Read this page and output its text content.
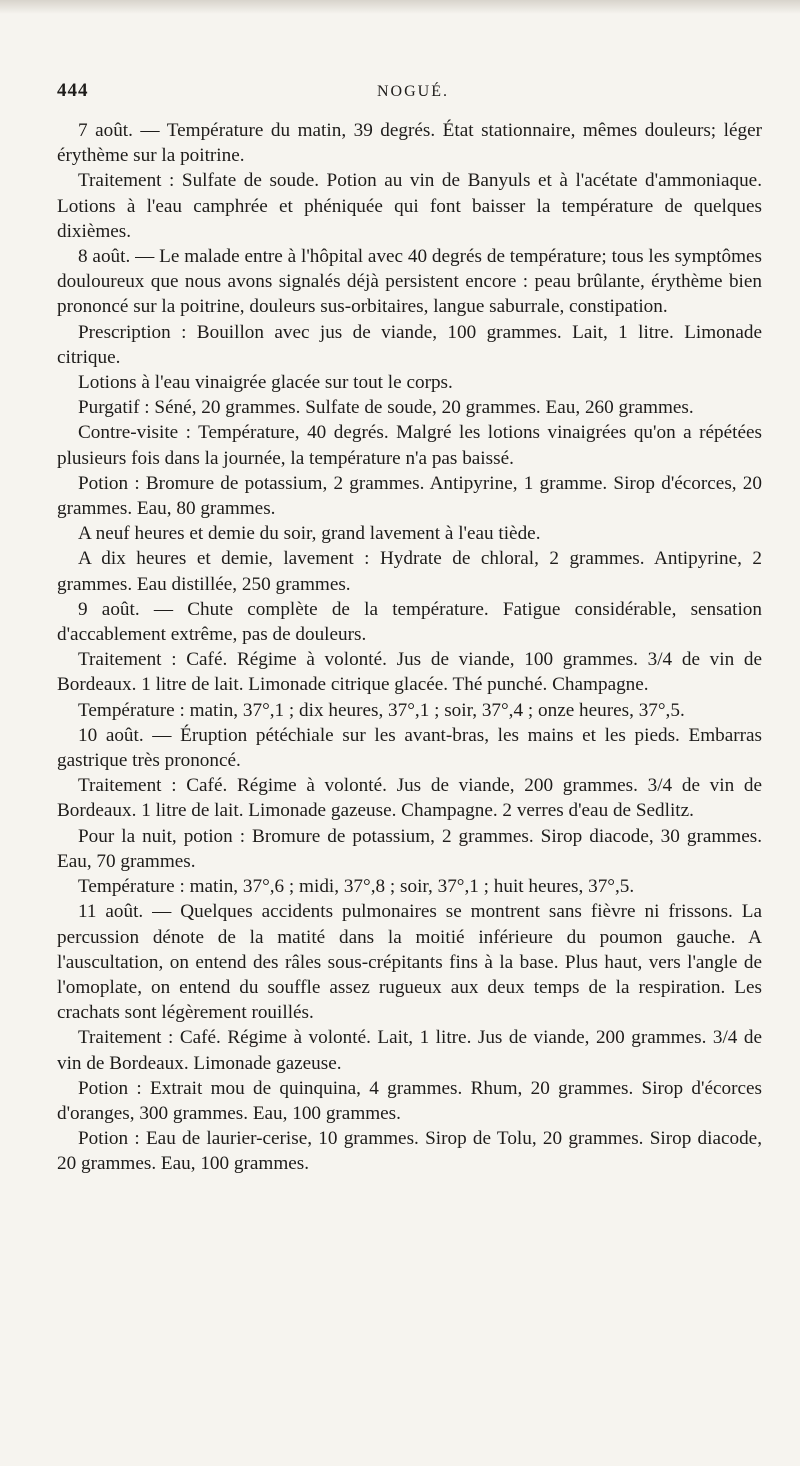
444	NOGUÉ.

7 août. — Température du matin, 39 degrés. État stationnaire, mêmes douleurs; léger érythème sur la poitrine.

Traitement : Sulfate de soude. Potion au vin de Banyuls et à l'acétate d'ammoniaque. Lotions à l'eau camphrée et phéniquée qui font baisser la température de quelques dixièmes.

8 août. — Le malade entre à l'hôpital avec 40 degrés de température; tous les symptômes douloureux que nous avons signalés déjà persistent encore : peau brûlante, érythème bien prononcé sur la poitrine, douleurs sus-orbitaires, langue saburrale, constipation.

Prescription : Bouillon avec jus de viande, 100 grammes. Lait, 1 litre. Limonade citrique.

Lotions à l'eau vinaigrée glacée sur tout le corps.

Purgatif : Séné, 20 grammes. Sulfate de soude, 20 grammes. Eau, 260 grammes.

Contre-visite : Température, 40 degrés. Malgré les lotions vinaigrées qu'on a répétées plusieurs fois dans la journée, la température n'a pas baissé.

Potion : Bromure de potassium, 2 grammes. Antipyrine, 1 gramme. Sirop d'écorces, 20 grammes. Eau, 80 grammes.

A neuf heures et demie du soir, grand lavement à l'eau tiède.

A dix heures et demie, lavement : Hydrate de chloral, 2 grammes. Antipyrine, 2 grammes. Eau distillée, 250 grammes.

9 août. — Chute complète de la température. Fatigue considérable, sensation d'accablement extrême, pas de douleurs.

Traitement : Café. Régime à volonté. Jus de viande, 100 grammes. 3/4 de vin de Bordeaux. 1 litre de lait. Limonade citrique glacée. Thé punché. Champagne.

Température : matin, 37°,1 ; dix heures, 37°,1 ; soir, 37°,4 ; onze heures, 37°,5.

10 août. — Éruption pétéchiale sur les avant-bras, les mains et les pieds. Embarras gastrique très prononcé.

Traitement : Café. Régime à volonté. Jus de viande, 200 grammes. 3/4 de vin de Bordeaux. 1 litre de lait. Limonade gazeuse. Champagne. 2 verres d'eau de Sedlitz.

Pour la nuit, potion : Bromure de potassium, 2 grammes. Sirop diacode, 30 grammes. Eau, 70 grammes.

Température : matin, 37°,6 ; midi, 37°,8 ; soir, 37°,1 ; huit heures, 37°,5.

11 août. — Quelques accidents pulmonaires se montrent sans fièvre ni frissons. La percussion dénote de la matité dans la moitié inférieure du poumon gauche. A l'auscultation, on entend des râles sous-crépitants fins à la base. Plus haut, vers l'angle de l'omoplate, on entend du souffle assez rugueux aux deux temps de la respiration. Les crachats sont légèrement rouillés.

Traitement : Café. Régime à volonté. Lait, 1 litre. Jus de viande, 200 grammes. 3/4 de vin de Bordeaux. Limonade gazeuse.

Potion : Extrait mou de quinquina, 4 grammes. Rhum, 20 grammes. Sirop d'écorces d'oranges, 300 grammes. Eau, 100 grammes.

Potion : Eau de laurier-cerise, 10 grammes. Sirop de Tolu, 20 grammes. Sirop diacode, 20 grammes. Eau, 100 grammes.
